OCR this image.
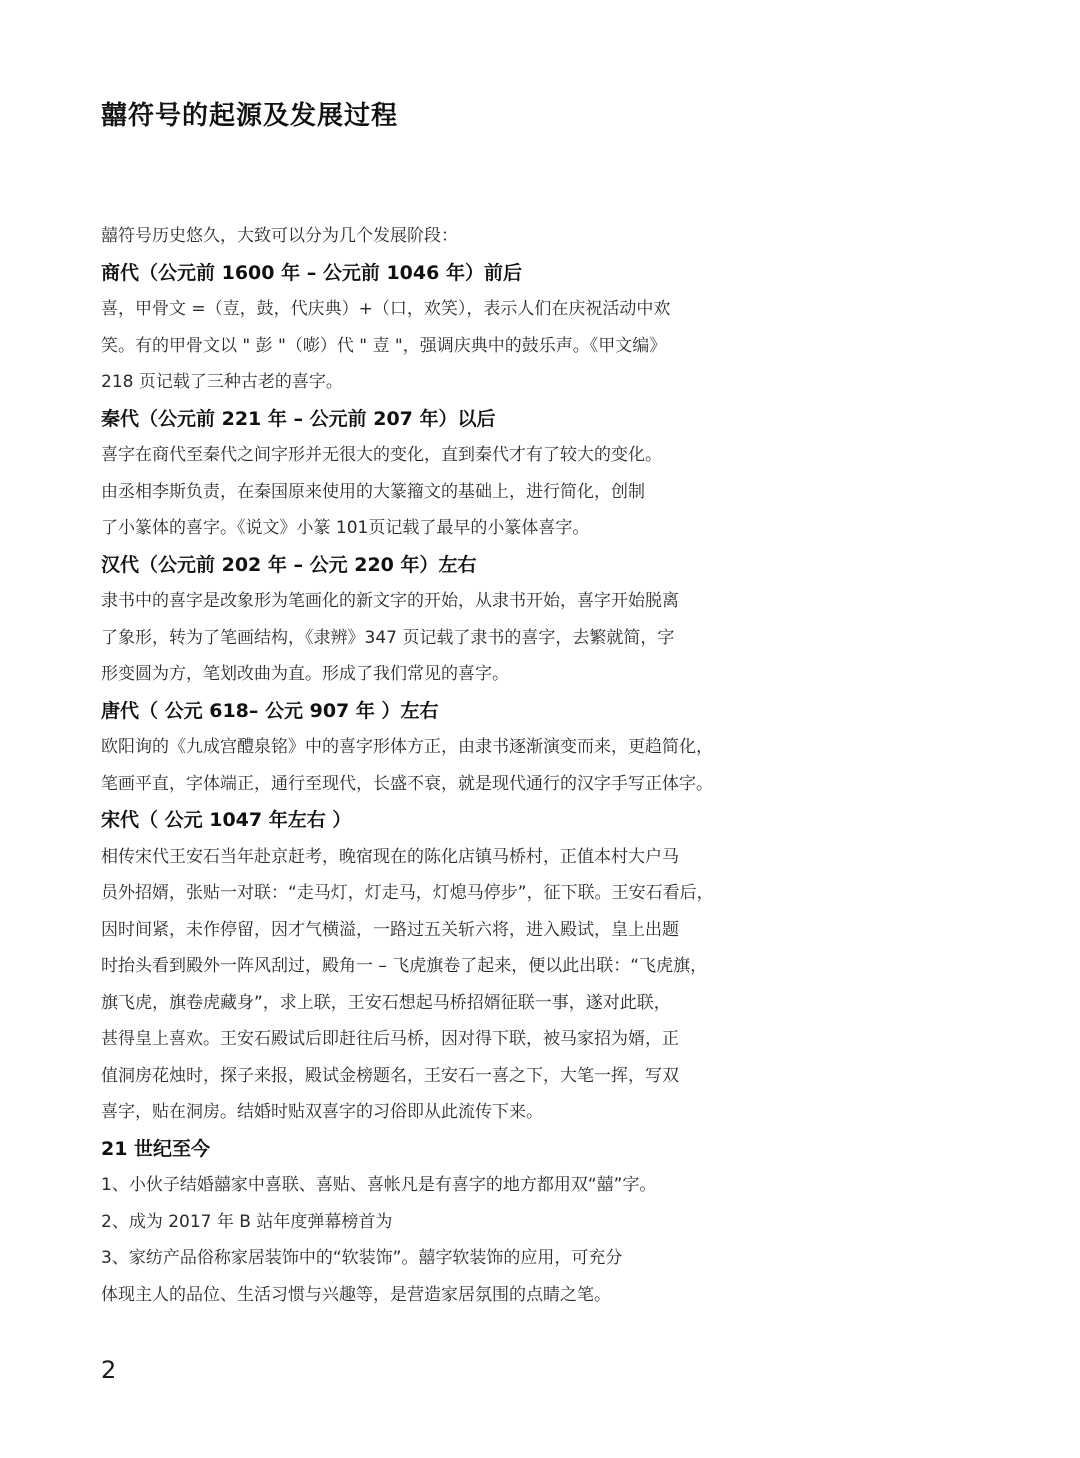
囍符号的起源及发展过程

囍符号历史悠久，大致可以分为几个发展阶段：

商代（公元前 1600 年 – 公元前 1046 年）前后

喜，甲骨文 =（壴，鼓，代庆典）+（口，欢笑），表示人们在庆祝活动中欢

笑。有的甲骨文以 " 彭 "（嘭）代 " 壴 "，强调庆典中的鼓乐声。《甲文编》

218 页记载了三种古老的喜字。

秦代（公元前 221 年 – 公元前 207 年）以后

喜字在商代至秦代之间字形并无很大的变化，直到秦代才有了较大的变化。

由丞相李斯负责，在秦国原来使用的大篆籀文的基础上，进行简化，创制

了小篆体的喜字。《说文》小篆 101页记载了最早的小篆体喜字。

汉代（公元前 202 年 – 公元 220 年）左右

隶书中的喜字是改象形为笔画化的新文字的开始，从隶书开始，喜字开始脱离

了象形，转为了笔画结构，《隶辨》347 页记载了隶书的喜字，去繁就简，字

形变圆为方，笔划改曲为直。形成了我们常见的喜字。

唐代（ 公元 618– 公元 907 年 ）左右

欧阳询的《九成宫醴泉铭》中的喜字形体方正，由隶书逐渐演变而来，更趋简化，

笔画平直，字体端正，通行至现代，长盛不衰，就是现代通行的汉字手写正体字。

宋代（ 公元 1047 年左右 ）

相传宋代王安石当年赴京赶考，晚宿现在的陈化店镇马桥村，正值本村大户马

员外招婿，张贴一对联：“走马灯，灯走马，灯熄马停步”，征下联。王安石看后，

因时间紧，未作停留，因才气横溢，一路过五关斩六将，进入殿试，皇上出题

时抬头看到殿外一阵风刮过，殿角一 – 飞虎旗卷了起来，便以此出联：“飞虎旗，

旗飞虎，旗卷虎藏身”，求上联，王安石想起马桥招婿征联一事，遂对此联，

甚得皇上喜欢。王安石殿试后即赶往后马桥，因对得下联，被马家招为婿，正

值洞房花烛时，探子来报，殿试金榜题名，王安石一喜之下，大笔一挥，写双

喜字，贴在洞房。结婚时贴双喜字的习俗即从此流传下来。

21 世纪至今

1、小伙子结婚囍家中喜联、喜贴、喜帐凡是有喜字的地方都用双“囍”字。

2、成为 2017 年 B 站年度弹幕榜首为

3、家纺产品俗称家居装饰中的“软装饰”。囍字软装饰的应用，可充分

体现主人的品位、生活习惯与兴趣等，是营造家居氛围的点睛之笔。

2
